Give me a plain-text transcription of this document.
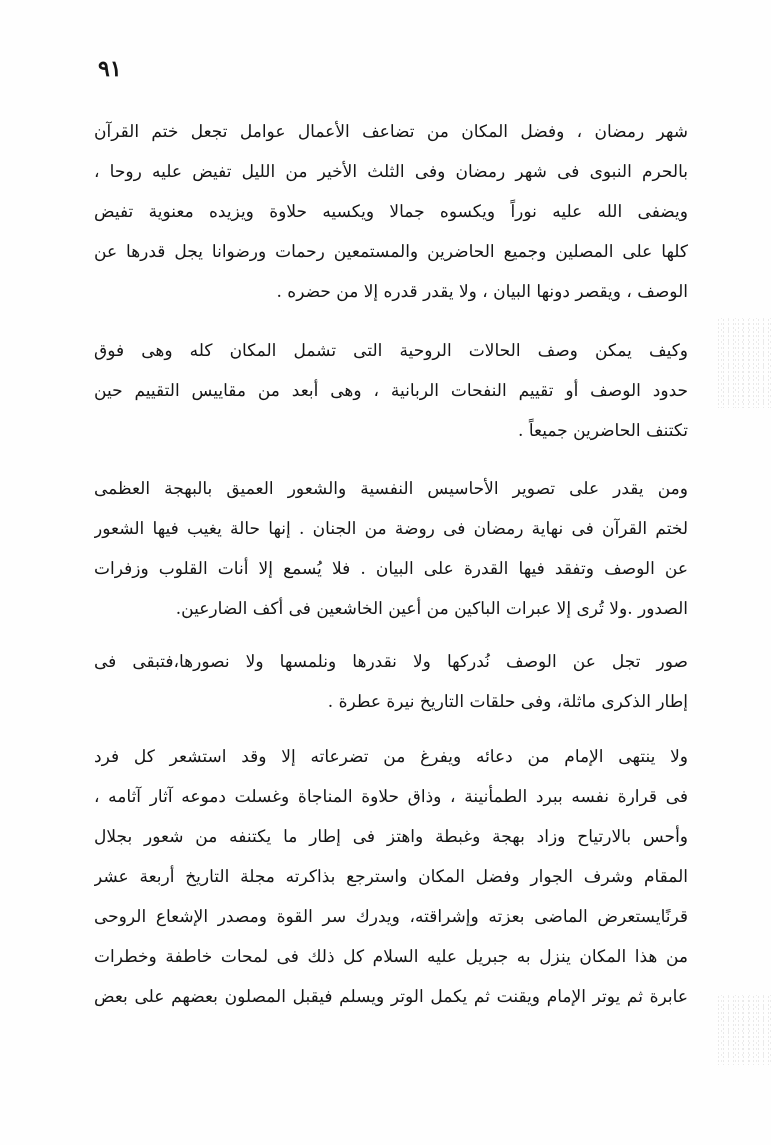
٩١
شهر رمضان ، وفضل المكان من تضاعف الأعمال عوامل تجعل ختم القرآن
بالحرم النبوى فى شهر رمضان وفى الثلث الأخير من الليل تفيض عليه روحا ،
ويضفى الله عليه نوراً ويكسوه جمالا ويكسيه حلاوة ويزيده معنوية تفيض
كلها على المصلين وجميع الحاضرين والمستمعين رحمات ورضوانا يجل قدرها عن
الوصف ، ويقصر دونها البيان ، ولا يقدر قدره إلا من حضره .
وكيف يمكن وصف الحالات الروحية التى تشمل المكان كله وهى فوق
حدود الوصف أو تقييم النفحات الربانية ، وهى أبعد من مقاييس التقييم حين
تكتنف الحاضرين جميعاً .
ومن يقدر على تصوير الأحاسيس النفسية والشعور العميق بالبهجة العظمى
لختم القرآن فى نهاية رمضان فى روضة من الجنان . إنها حالة يغيب فيها الشعور
عن الوصف وتفقد فيها القدرة على البيان . فلا يُسمع إلا أنات القلوب وزفرات
الصدور .ولا تُرى إلا عبرات الباكين من أعين الخاشعين فى أكف الضارعين.
صور تجل عن الوصف نُدركها ولا نقدرها ونلمسها ولا نصورها،فتبقى فى
إطار الذكرى ماثلة، وفى حلقات التاريخ نيرة عطرة .
ولا ينتهى الإمام من دعائه ويفرغ من تضرعاته إلا وقد استشعر كل فرد
فى قرارة نفسه ببرد الطمأنينة ، وذاق حلاوة المناجاة وغسلت دموعه آثار آثامه ،
وأحس بالارتياح وزاد بهجة وغبطة واهتز فى إطار ما يكتنفه من شعور بجلال
المقام وشرف الجوار وفضل المكان واسترجع بذاكرته مجلة التاريخ أربعة عشر
قرنًايستعرض الماضى بعزته وإشراقته، ويدرك سر القوة ومصدر الإشعاع الروحى
من هذا المكان ينزل به جبريل عليه السلام كل ذلك فى لمحات خاطفة وخطرات
عابرة ثم يوتر الإمام ويقنت ثم يكمل الوتر ويسلم فيقبل المصلون بعضهم على بعض
